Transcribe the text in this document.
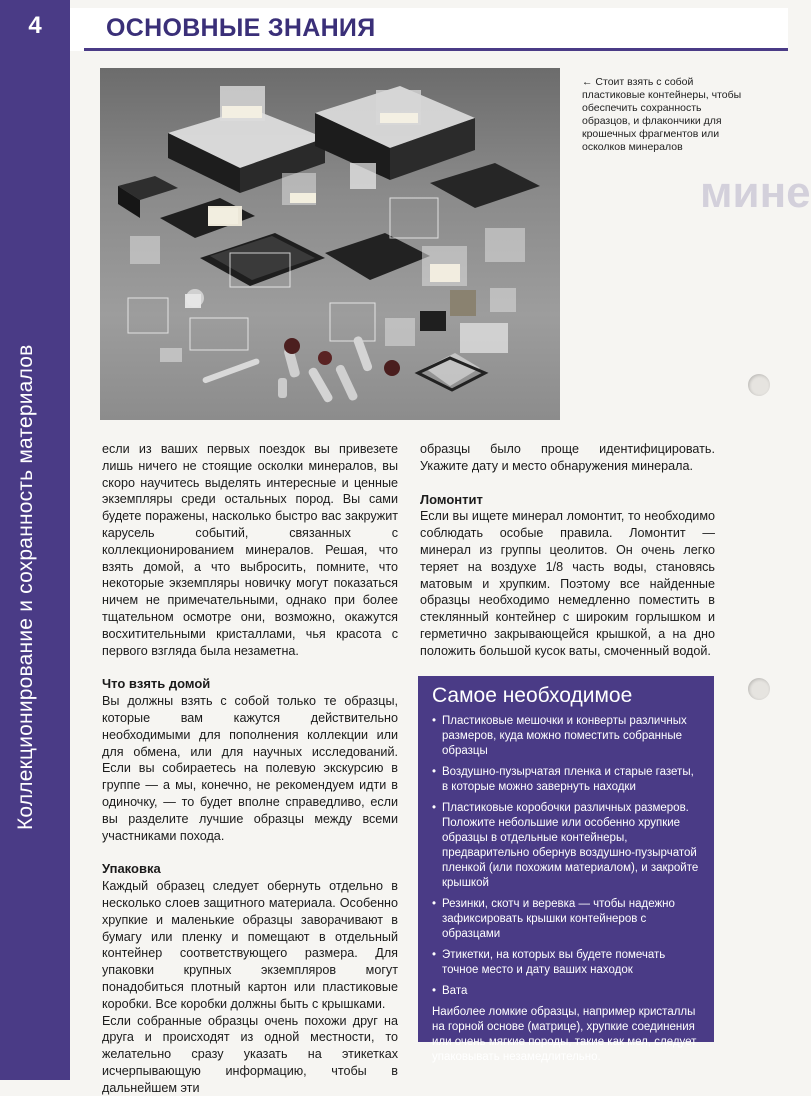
4
Коллекционирование и сохранность материалов
ОСНОВНЫЕ ЗНАНИЯ
← Стоит взять с собой пластиковые контейнеры, чтобы обеспечить сохранность образцов, и флакончики для крошечных фрагментов или осколков минералов
мине

если из ваших первых поездок вы привезете лишь ничего не стоящие осколки минералов, вы скоро научитесь выделять интересные и ценные экземпляры среди остальных пород. Вы сами будете поражены, насколько быстро вас закружит карусель событий, связанных с коллекционированием минералов. Решая, что взять домой, а что выбросить, помните, что некоторые экземпляры новичку могут показаться ничем не примечательными, однако при более тщательном осмотре они, возможно, окажутся восхитительными кристаллами, чья красота с первого взгляда была незаметна.

Что взять домой

Вы должны взять с собой только те образцы, которые вам кажутся действительно необходимыми для пополнения коллекции или для обмена, или для научных исследований. Если вы собираетесь на полевую экскурсию в группе — а мы, конечно, не рекомендуем идти в одиночку, — то будет вполне справедливо, если вы разделите лучшие образцы между всеми участниками похода.

Упаковка

Каждый образец следует обернуть отдельно в несколько слоев защитного материала. Особенно хрупкие и маленькие образцы заворачивают в бумагу или пленку и помещают в отдельный контейнер соответствующего размера. Для упаковки крупных экземпляров могут понадобиться плотный картон или пластиковые коробки. Все коробки должны быть с крышками.

Если собранные образцы очень похожи друг на друга и происходят из одной местности, то желательно сразу указать на этикетках исчерпывающую информацию, чтобы в дальнейшем эти

образцы было проще идентифицировать. Укажите дату и место обнаружения минерала.

Ломонтит

Если вы ищете минерал ломонтит, то необходимо соблюдать особые правила. Ломонтит — минерал из группы цеолитов. Он очень легко теряет на воздухе 1/8 часть воды, становясь матовым и хрупким. Поэтому все найденные образцы необходимо немедленно поместить в стеклянный контейнер с широким горлышком и герметично закрывающейся крышкой, а на дно положить большой кусок ваты, смоченный водой.

Самое необходимое
• Пластиковые мешочки и конверты различных размеров, куда можно поместить собранные образцы
• Воздушно-пузырчатая пленка и старые газеты, в которые можно завернуть находки
• Пластиковые коробочки различных размеров. Положите небольшие или особенно хрупкие образцы в отдельные контейнеры, предварительно обернув воздушно-пузырчатой пленкой (или похожим материалом), и закройте крышкой
• Резинки, скотч и веревка — чтобы надежно зафиксировать крышки контейнеров с образцами
• Этикетки, на которых вы будете помечать точное место и дату ваших находок
• Вата
Наиболее ломкие образцы, например кристаллы на горной основе (матрице), хрупкие соединения или очень мягкие породы, такие как мел, следует упаковывать незамедлительно.
